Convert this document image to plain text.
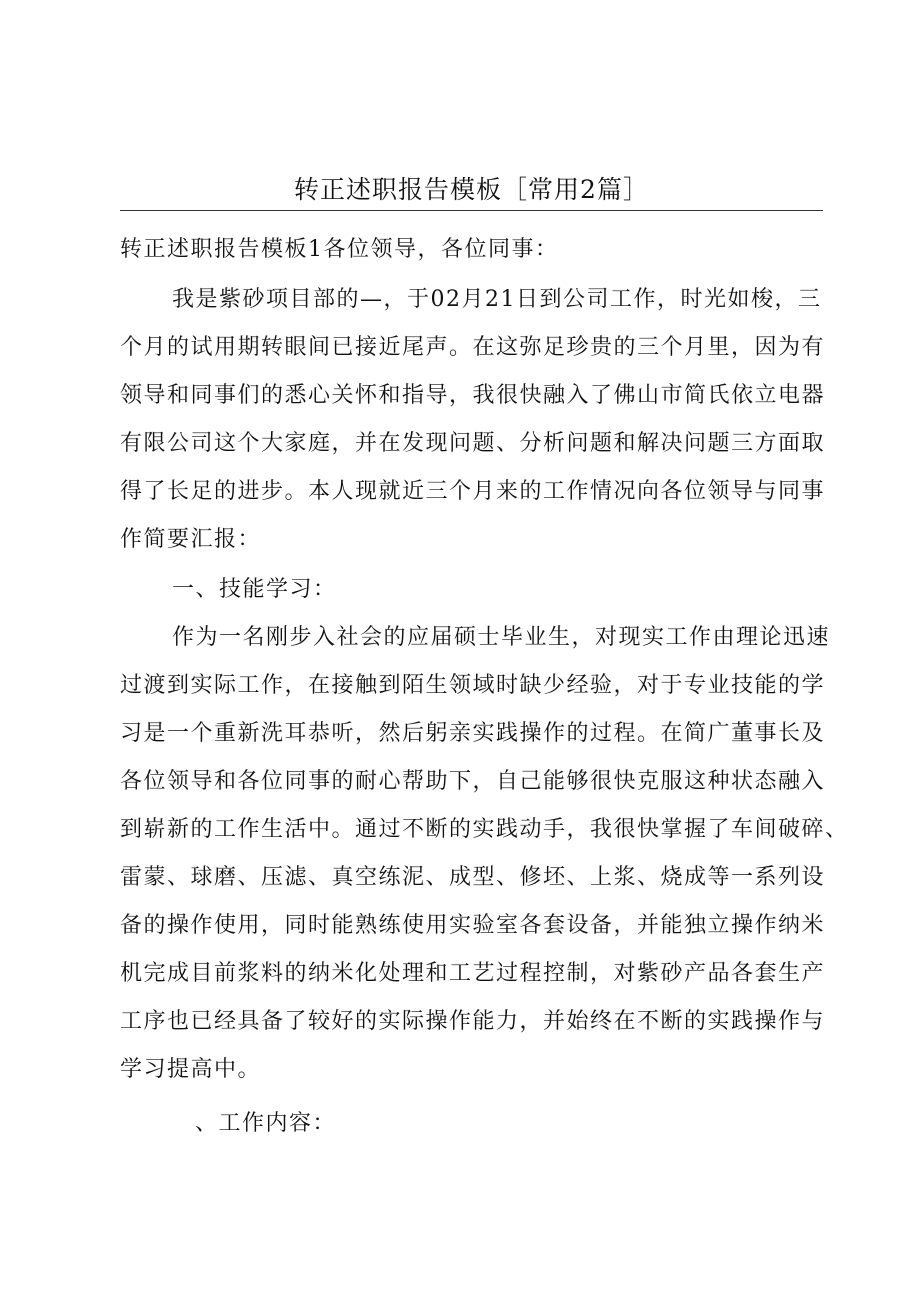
转正述职报告模板［常用2篇］
转正述职报告模板1各位领导，各位同事：
我是紫砂项目部的—，于02月21日到公司工作，时光如梭，三
个月的试用期转眼间已接近尾声。在这弥足珍贵的三个月里，因为有
领导和同事们的悉心关怀和指导，我很快融入了佛山市简氏依立电器
有限公司这个大家庭，并在发现问题、分析问题和解决问题三方面取
得了长足的进步。本人现就近三个月来的工作情况向各位领导与同事
作简要汇报：
一、技能学习：
作为一名刚步入社会的应届硕士毕业生，对现实工作由理论迅速
过渡到实际工作，在接触到陌生领域时缺少经验，对于专业技能的学
习是一个重新洗耳恭听，然后躬亲实践操作的过程。在简广董事长及
各位领导和各位同事的耐心帮助下，自己能够很快克服这种状态融入
到崭新的工作生活中。通过不断的实践动手，我很快掌握了车间破碎、
雷蒙、球磨、压滤、真空练泥、成型、修坯、上浆、烧成等一系列设
备的操作使用，同时能熟练使用实验室各套设备，并能独立操作纳米
机完成目前浆料的纳米化处理和工艺过程控制，对紫砂产品各套生产
工序也已经具备了较好的实际操作能力，并始终在不断的实践操作与
学习提高中。
、工作内容：
